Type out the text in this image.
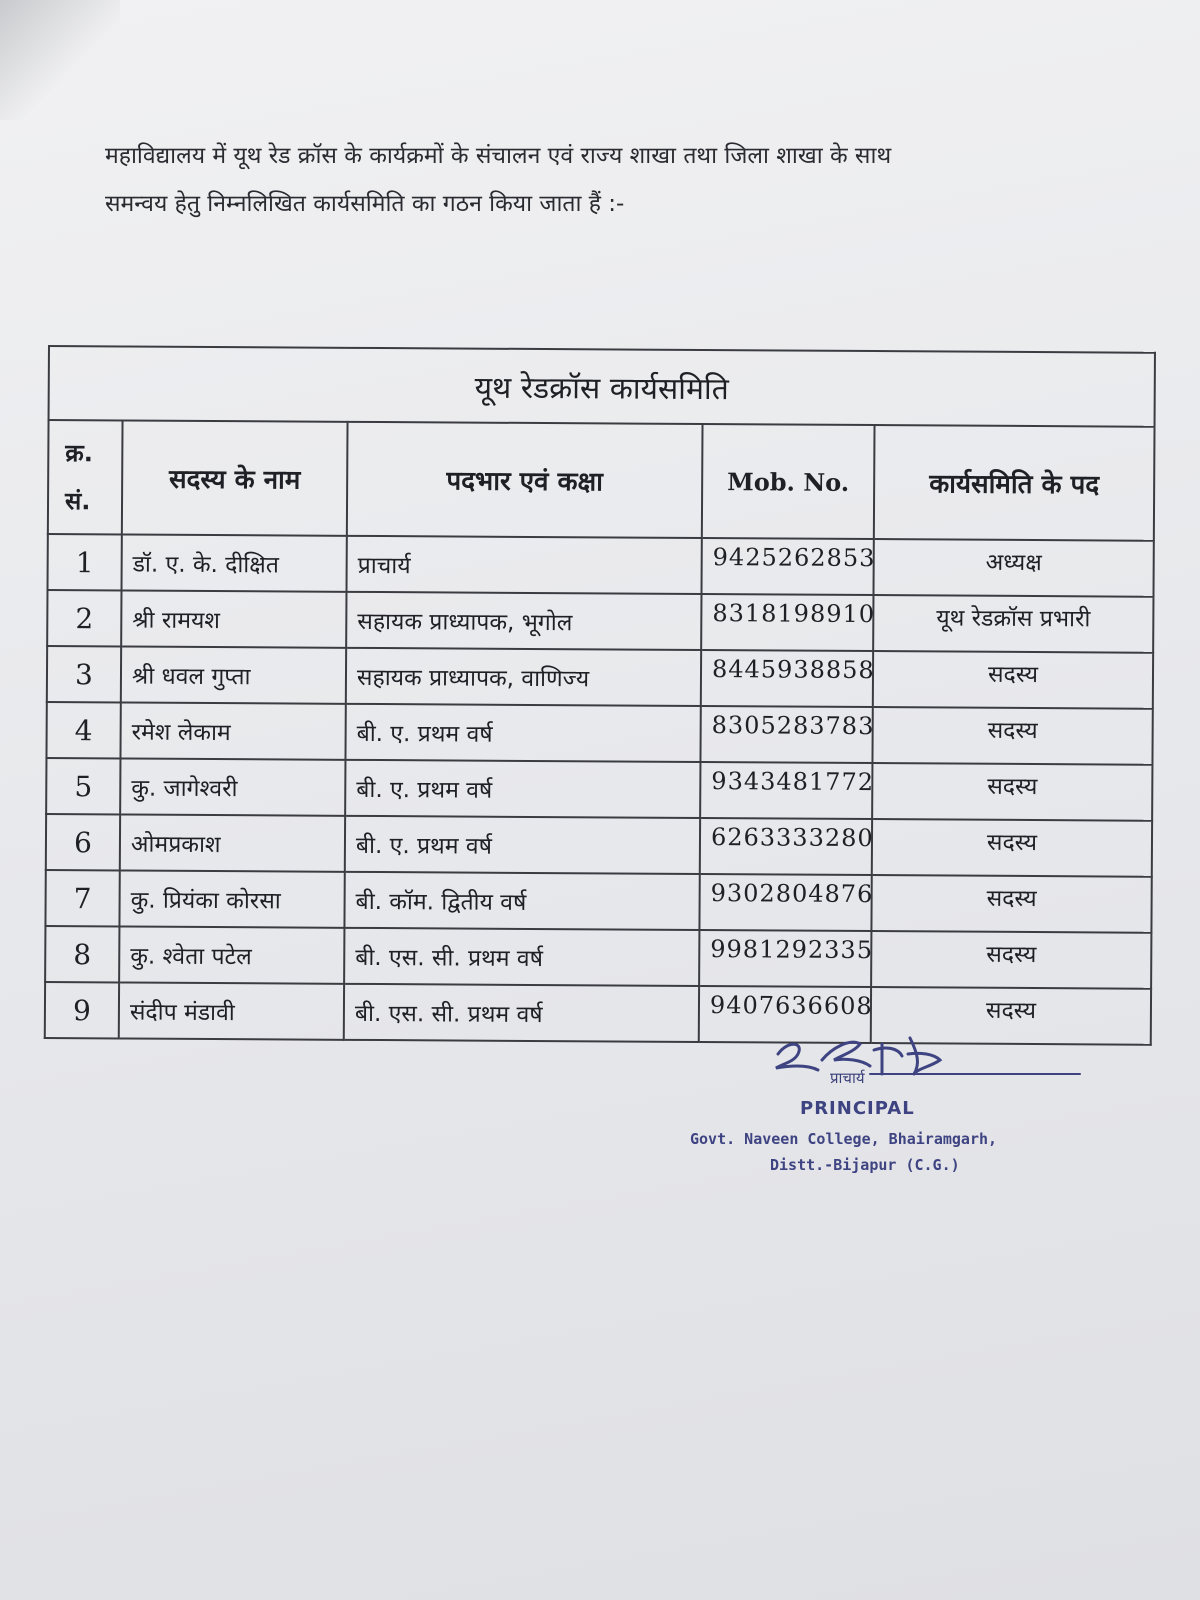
महाविद्यालय में यूथ रेड क्रॉस के कार्यक्रमों के संचालन एवं राज्य शाखा तथा जिला शाखा के साथ

समन्वय हेतु निम्नलिखित कार्यसमिति का गठन किया जाता हैं :-

यूथ रेडक्रॉस कार्यसमिति				
क्र.
सं.	सदस्य के नाम	पदभार एवं कक्षा	Mob. No.	कार्यसमिति के पद
1	डॉ. ए. के. दीक्षित	प्राचार्य	9425262853	अध्यक्ष
2	श्री रामयश	सहायक प्राध्यापक, भूगोल	8318198910	यूथ रेडक्रॉस प्रभारी
3	श्री धवल गुप्ता	सहायक प्राध्यापक, वाणिज्य	8445938858	सदस्य
4	रमेश लेकाम	बी. ए. प्रथम वर्ष	8305283783	सदस्य
5	कु. जागेश्वरी	बी. ए. प्रथम वर्ष	9343481772	सदस्य
6	ओमप्रकाश	बी. ए. प्रथम वर्ष	6263333280	सदस्य
7	कु. प्रियंका कोरसा	बी. कॉम. द्वितीय वर्ष	9302804876	सदस्य
8	कु. श्वेता पटेल	बी. एस. सी. प्रथम वर्ष	9981292335	सदस्य
9	संदीप मंडावी	बी. एस. सी. प्रथम वर्ष	9407636608	सदस्य
प्राचार्य
PRINCIPAL
Govt. Naveen College, Bhairamgarh,
Distt.-Bijapur (C.G.)
